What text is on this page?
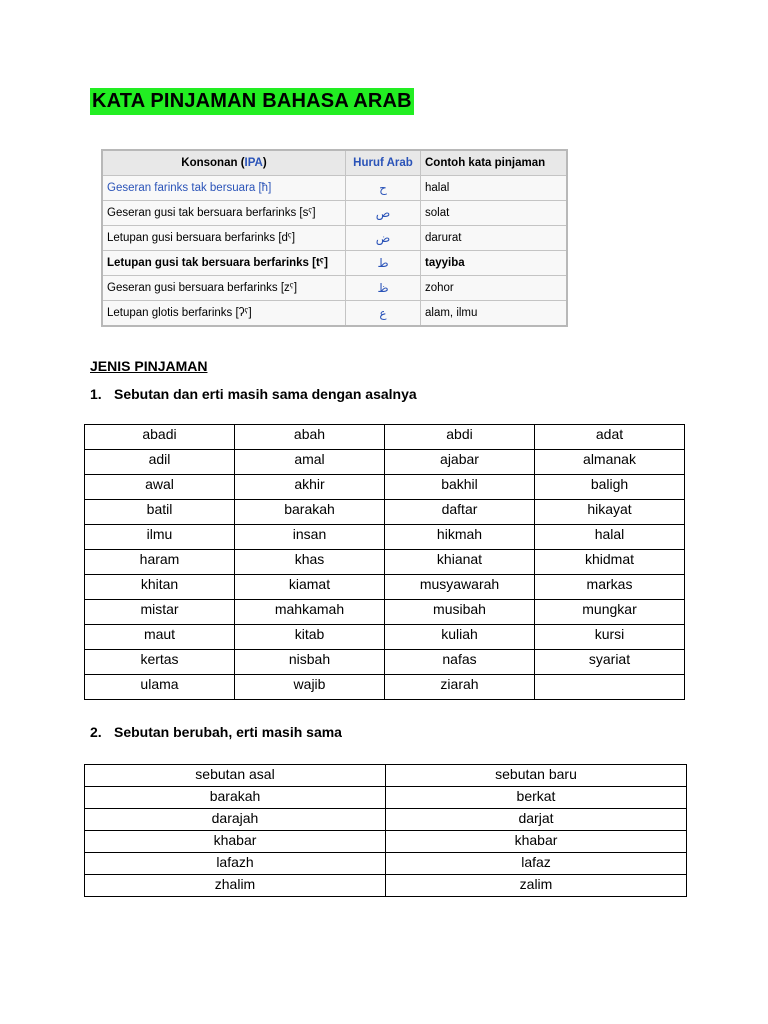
KATA PINJAMAN BAHASA ARAB
Konsonan (IPA)	Huruf Arab	Contoh kata pinjaman
Geseran farinks tak bersuara [ħ]	ح	halal
Geseran gusi tak bersuara berfarinks [sˤ]	ص	solat
Letupan gusi bersuara berfarinks [dˤ]	ض	darurat
Letupan gusi tak bersuara berfarinks [tˤ]	ط	tayyiba
Geseran gusi bersuara berfarinks [zˤ]	ظ	zohor
Letupan glotis berfarinks [ʔˤ]	ع	alam, ilmu
JENIS PINJAMAN
1. Sebutan dan erti masih sama dengan asalnya
abadi	abah	abdi	adat
adil	amal	ajabar	almanak
awal	akhir	bakhil	baligh
batil	barakah	daftar	hikayat
ilmu	insan	hikmah	halal
haram	khas	khianat	khidmat
khitan	kiamat	musyawarah	markas
mistar	mahkamah	musibah	mungkar
maut	kitab	kuliah	kursi
kertas	nisbah	nafas	syariat
ulama	wajib	ziarah	
2. Sebutan berubah, erti masih sama
sebutan asal	sebutan baru
barakah	berkat
darajah	darjat
khabar	khabar
lafazh	lafaz
zhalim	zalim
